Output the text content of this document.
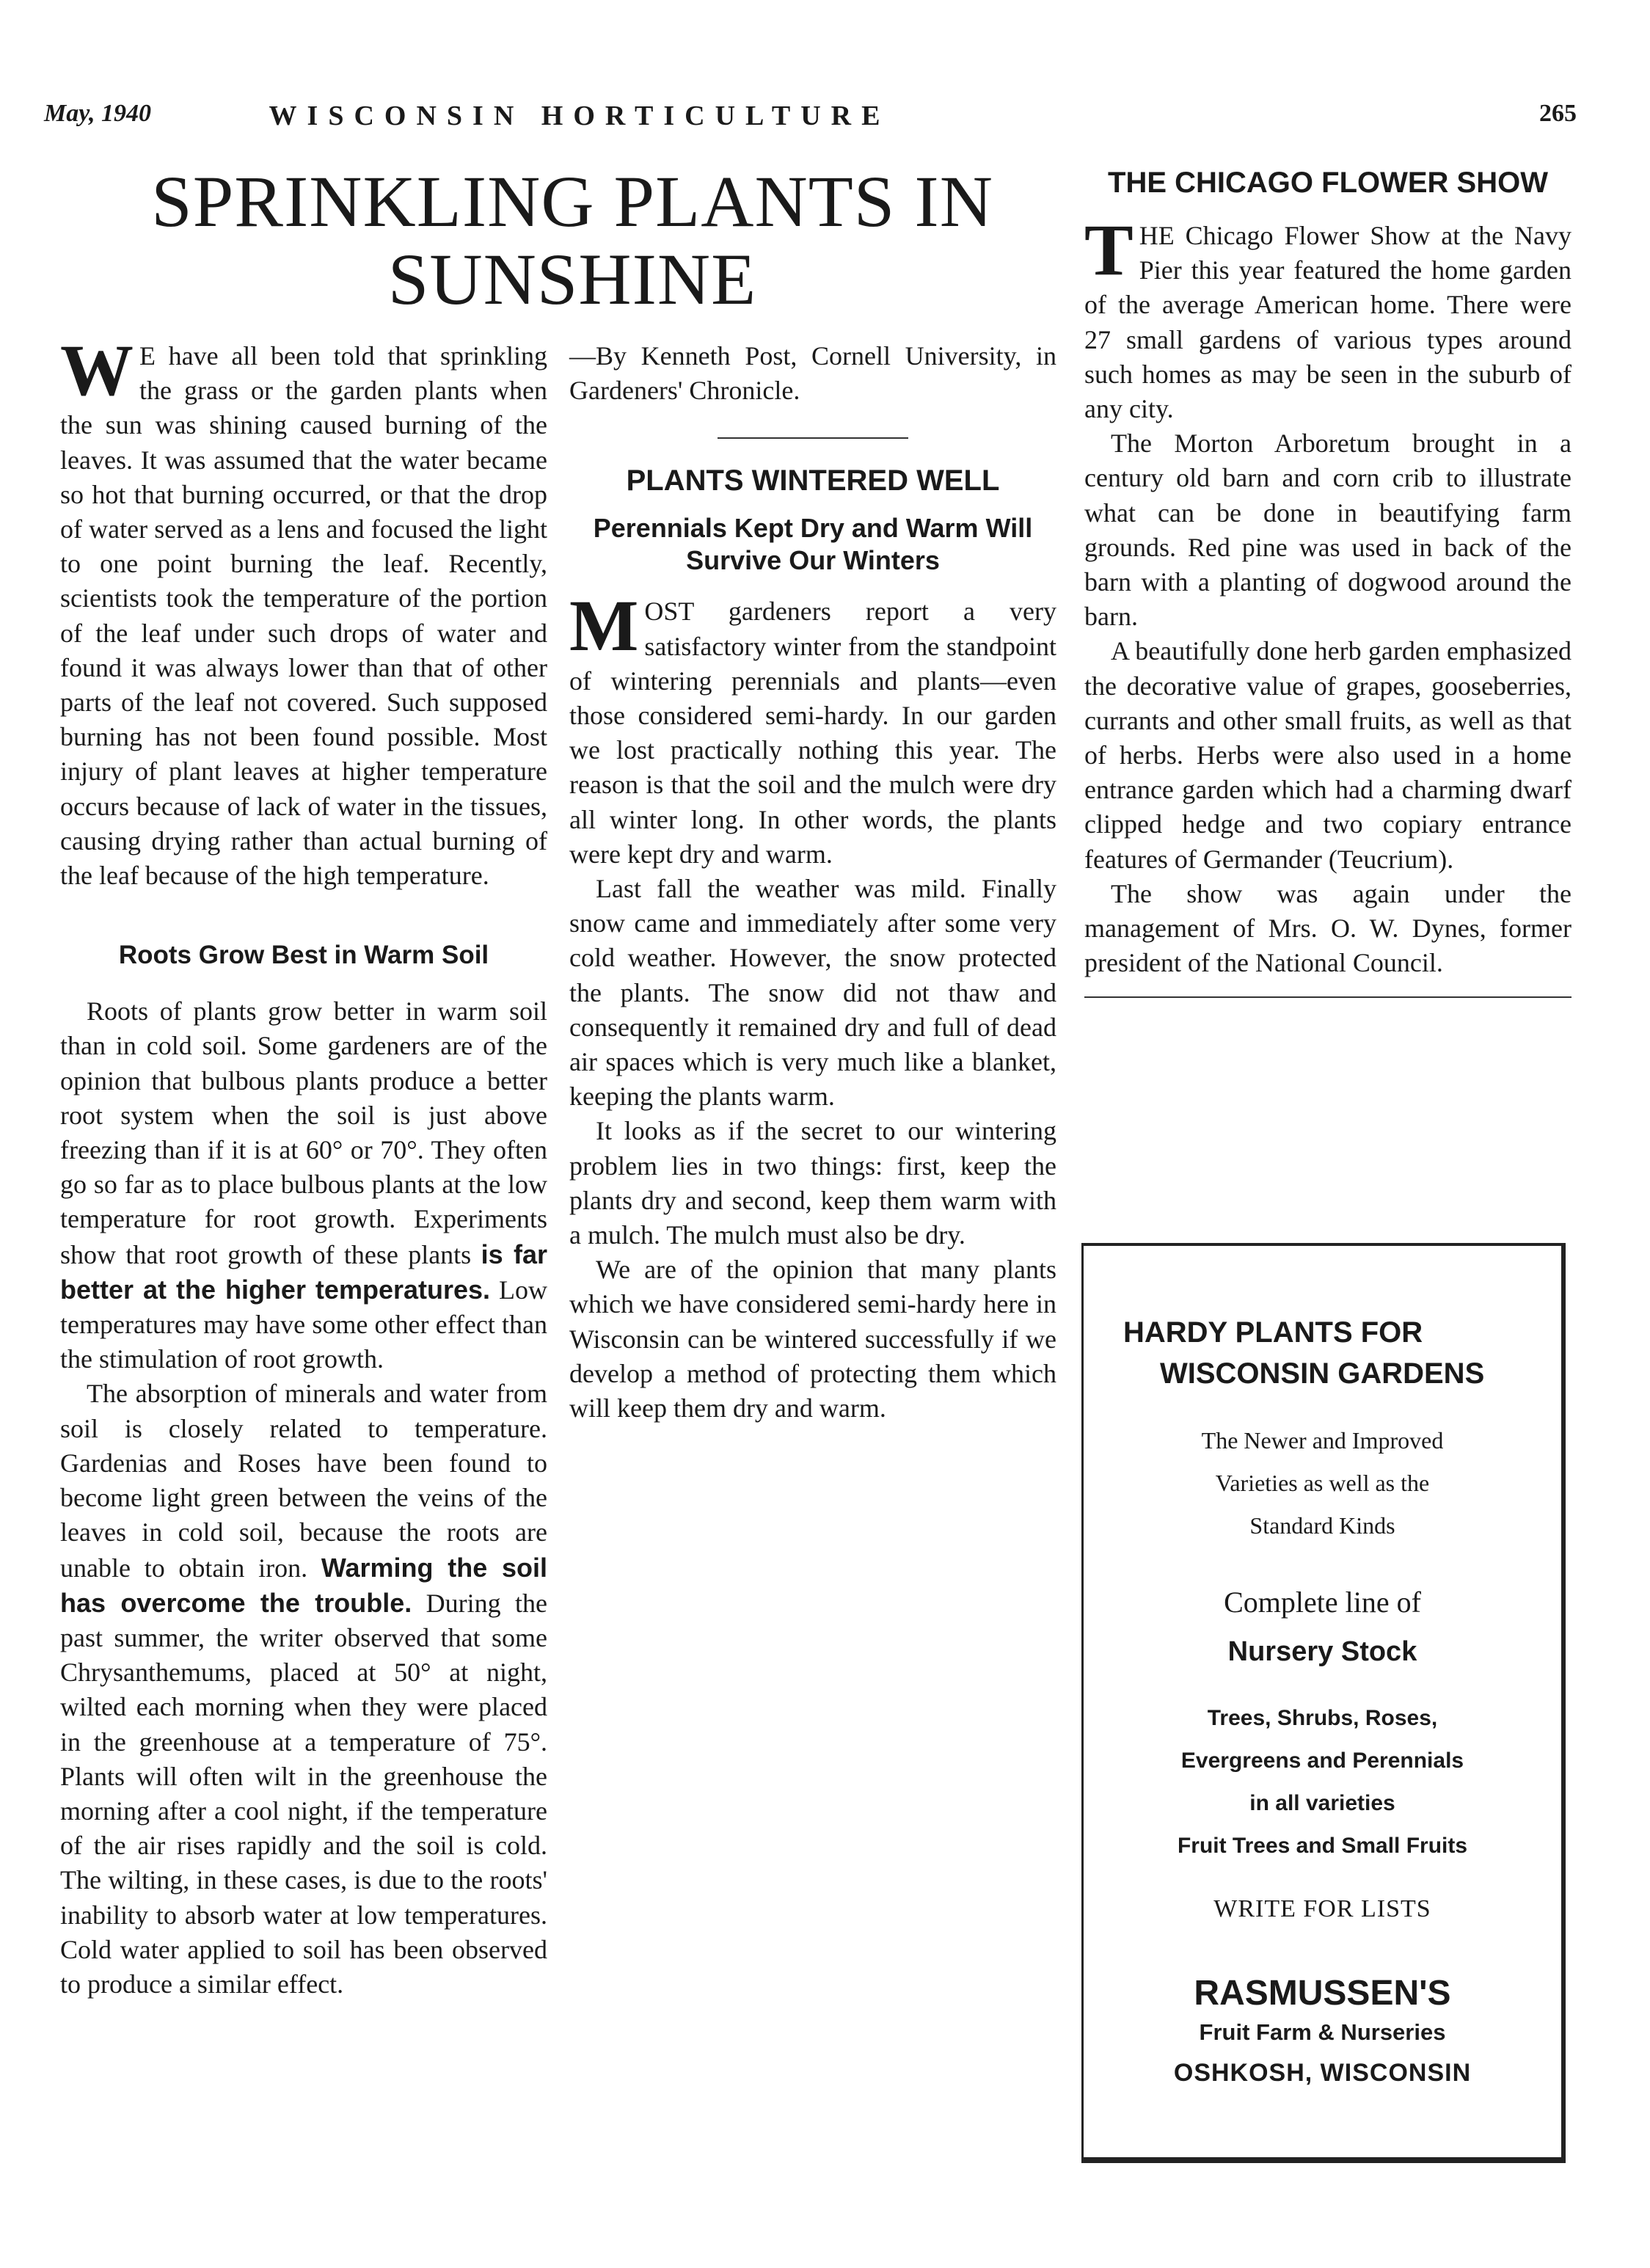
May, 1940	WISCONSIN HORTICULTURE	265
SPRINKLING PLANTS IN SUNSHINE

W E have all been told that sprinkling the grass or the garden plants when the sun was shining caused burning of the leaves. It was assumed that the water became so hot that burning occurred, or that the drop of water served as a lens and focused the light to one point burning the leaf. Recently, scientists took the temperature of the portion of the leaf under such drops of water and found it was always lower than that of other parts of the leaf not covered. Such supposed burning has not been found possible. Most injury of plant leaves at higher temperature occurs because of lack of water in the tissues, causing drying rather than actual burning of the leaf because of the high temperature.

Roots Grow Best in Warm Soil

Roots of plants grow better in warm soil than in cold soil. Some gardeners are of the opinion that bulbous plants produce a better root system when the soil is just above freezing than if it is at 60° or 70°. They often go so far as to place bulbous plants at the low temperature for root growth. Experiments show that root growth of these plants is far better at the higher temperatures. Low temperatures may have some other effect than the stimulation of root growth.

The absorption of minerals and water from soil is closely related to temperature. Gardenias and Roses have been found to become light green between the veins of the leaves in cold soil, because the roots are unable to obtain iron. Warming the soil has overcome the trouble. During the past summer, the writer observed that some Chrysanthemums, placed at 50° at night, wilted each morning when they were placed in the greenhouse at a temperature of 75°. Plants will often wilt in the greenhouse the morning after a cool night, if the temperature of the air rises rapidly and the soil is cold. The wilting, in these cases, is due to the roots' inability to absorb water at low temperatures. Cold water applied to soil has been observed to produce a similar effect.

—By Kenneth Post, Cornell University, in Gardeners' Chronicle.

PLANTS WINTERED WELL
Perennials Kept Dry and Warm Will Survive Our Winters

MOST gardeners report a very satisfactory winter from the standpoint of wintering perennials and plants—even those considered semi-hardy. In our garden we lost practically nothing this year. The reason is that the soil and the mulch were dry all winter long. In other words, the plants were kept dry and warm.

Last fall the weather was mild. Finally snow came and immediately after some very cold weather. However, the snow protected the plants. The snow did not thaw and consequently it remained dry and full of dead air spaces which is very much like a blanket, keeping the plants warm.

It looks as if the secret to our wintering problem lies in two things: first, keep the plants dry and second, keep them warm with a mulch. The mulch must also be dry.

We are of the opinion that many plants which we have considered semi-hardy here in Wisconsin can be wintered successfully if we develop a method of protecting them which will keep them dry and warm.

THE CHICAGO FLOWER SHOW

THE Chicago Flower Show at the Navy Pier this year featured the home garden of the average American home. There were 27 small gardens of various types around such homes as may be seen in the suburb of any city.

The Morton Arboretum brought in a century old barn and corn crib to illustrate what can be done in beautifying farm grounds. Red pine was used in back of the barn with a planting of dogwood around the barn.

A beautifully done herb garden emphasized the decorative value of grapes, gooseberries, currants and other small fruits, as well as that of herbs. Herbs were also used in a home entrance garden which had a charming dwarf clipped hedge and two copiary entrance features of Germander (Teucrium).

The show was again under the management of Mrs. O. W. Dynes, former president of the National Council.

HARDY PLANTS FOR
WISCONSIN GARDENS
The Newer and Improved
Varieties as well as the
Standard Kinds
Complete line of
Nursery Stock
Trees, Shrubs, Roses,
Evergreens and Perennials
in all varieties
Fruit Trees and Small Fruits
WRITE FOR LISTS
RASMUSSEN'S
Fruit Farm & Nurseries
OSHKOSH, WISCONSIN
